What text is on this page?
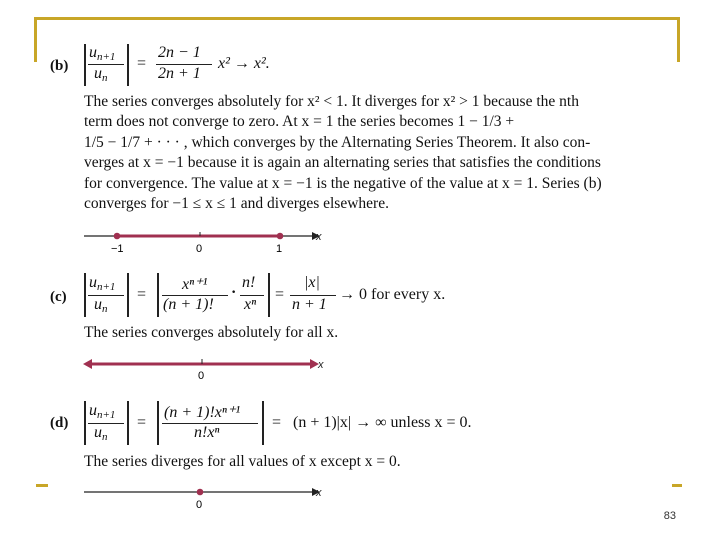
(b)
un+1
un
=
2n − 1
2n + 1
x² → x².
The series converges absolutely for x² < 1. It diverges for x² > 1 because the nth
term does not converge to zero. At x = 1 the series becomes 1 − 1/3 +
1/5 − 1/7 + · · · , which converges by the Alternating Series Theorem. It also con-
verges at x = −1 because it is again an alternating series that satisfies the conditions
for convergence. The value at x = −1 is the negative of the value at x = 1. Series (b)
converges for −1 ≤ x ≤ 1 and diverges elsewhere.
−1	0	1
x
(c)
un+1
un
=
xⁿ⁺¹
(n + 1)!
·
n!
xⁿ
=
|x|
n + 1
→ 0 for every x.
The series converges absolutely for all x.
0
x
(d)
un+1
un
=
(n + 1)!xⁿ⁺¹
n!xⁿ
= (n + 1)|x| → ∞ unless x = 0.
The series diverges for all values of x except x = 0.
0
x
83
